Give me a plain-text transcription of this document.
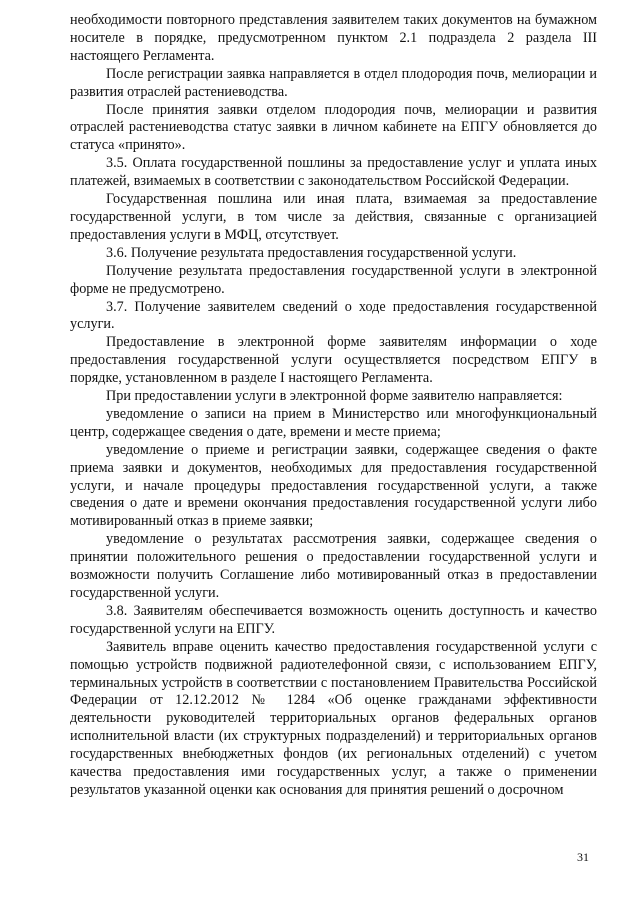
необходимости повторного представления заявителем таких документов на бумажном носителе в порядке, предусмотренном пунктом 2.1 подраздела 2 раздела III настоящего Регламента.

После регистрации заявка направляется в отдел плодородия почв, мелиорации и развития отраслей растениеводства.

После принятия заявки отделом плодородия почв, мелиорации и развития отраслей растениеводства статус заявки в личном кабинете на ЕПГУ обновляется до статуса «принято».

3.5. Оплата государственной пошлины за предоставление услуг и уплата иных платежей, взимаемых в соответствии с законодательством Российской Федерации.

Государственная пошлина или иная плата, взимаемая за предоставление государственной услуги, в том числе за действия, связанные с организацией предоставления услуги в МФЦ, отсутствует.

3.6. Получение результата предоставления государственной услуги.

Получение результата предоставления государственной услуги в электронной форме не предусмотрено.

3.7. Получение заявителем сведений о ходе предоставления государственной услуги.

Предоставление в электронной форме заявителям информации о ходе предоставления государственной услуги осуществляется посредством ЕПГУ в порядке, установленном в разделе I настоящего Регламента.

При предоставлении услуги в электронной форме заявителю направляется:

уведомление о записи на прием в Министерство или многофункциональный центр, содержащее сведения о дате, времени и месте приема;

уведомление о приеме и регистрации заявки, содержащее сведения о факте приема заявки и документов, необходимых для предоставления государственной услуги, и начале процедуры предоставления государственной услуги, а также сведения о дате и времени окончания предоставления государственной услуги либо мотивированный отказ в приеме заявки;

уведомление о результатах рассмотрения заявки, содержащее сведения о принятии положительного решения о предоставлении государственной услуги и возможности получить Соглашение либо мотивированный отказ в предоставлении государственной услуги.

3.8. Заявителям обеспечивается возможность оценить доступность и качество государственной услуги на ЕПГУ.

Заявитель вправе оценить качество предоставления государственной услуги с помощью устройств подвижной радиотелефонной связи, с использованием ЕПГУ, терминальных устройств в соответствии с постановлением Правительства Российской Федерации от 12.12.2012 № 1284 «Об оценке гражданами эффективности деятельности руководителей территориальных органов федеральных органов исполнительной власти (их структурных подразделений) и территориальных органов государственных внебюджетных фондов (их региональных отделений) с учетом качества предоставления ими государственных услуг, а также о применении результатов указанной оценки как основания для принятия решений о досрочном

31
